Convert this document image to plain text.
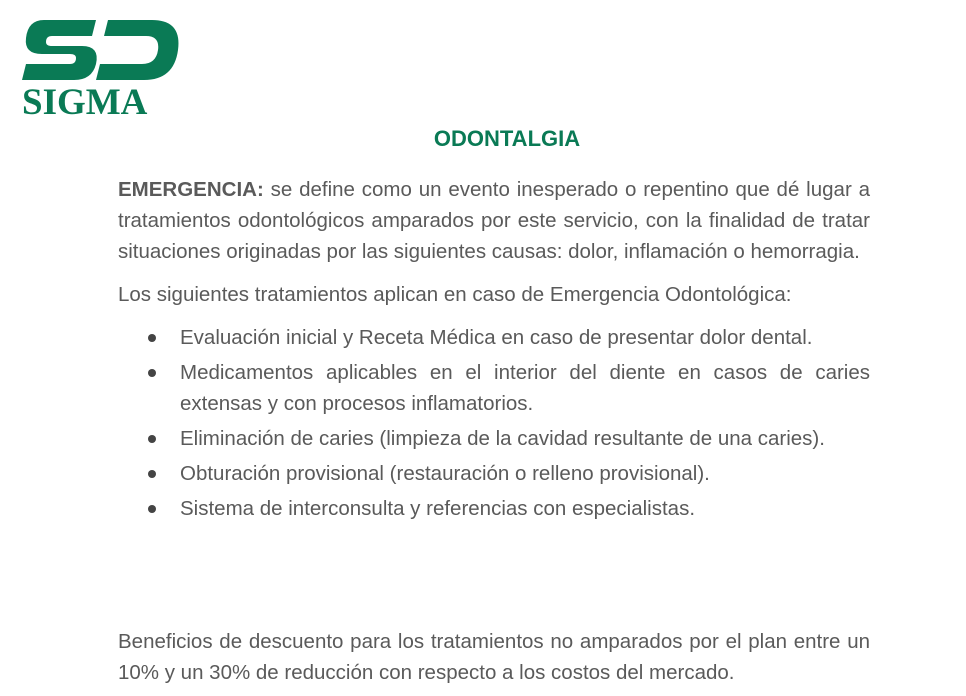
SIGMA
ODONTALGIA

EMERGENCIA: se define como un evento inesperado o repentino que dé lugar a tratamientos odontológicos amparados por este servicio, con la finalidad de tratar situaciones originadas por las siguientes causas: dolor, inflamación o hemorragia.

Los siguientes tratamientos aplican en caso de Emergencia Odontológica:

Evaluación inicial y Receta Médica en caso de presentar dolor dental.
Medicamentos aplicables en el interior del diente en casos de caries extensas y con procesos inflamatorios.
Eliminación de caries (limpieza de la cavidad resultante de una caries).
Obturación provisional (restauración o relleno provisional).
Sistema de interconsulta y referencias con especialistas.
Beneficios de descuento para los tratamientos no amparados por el plan entre un 10% y un 30% de reducción con respecto a los costos del mercado.
